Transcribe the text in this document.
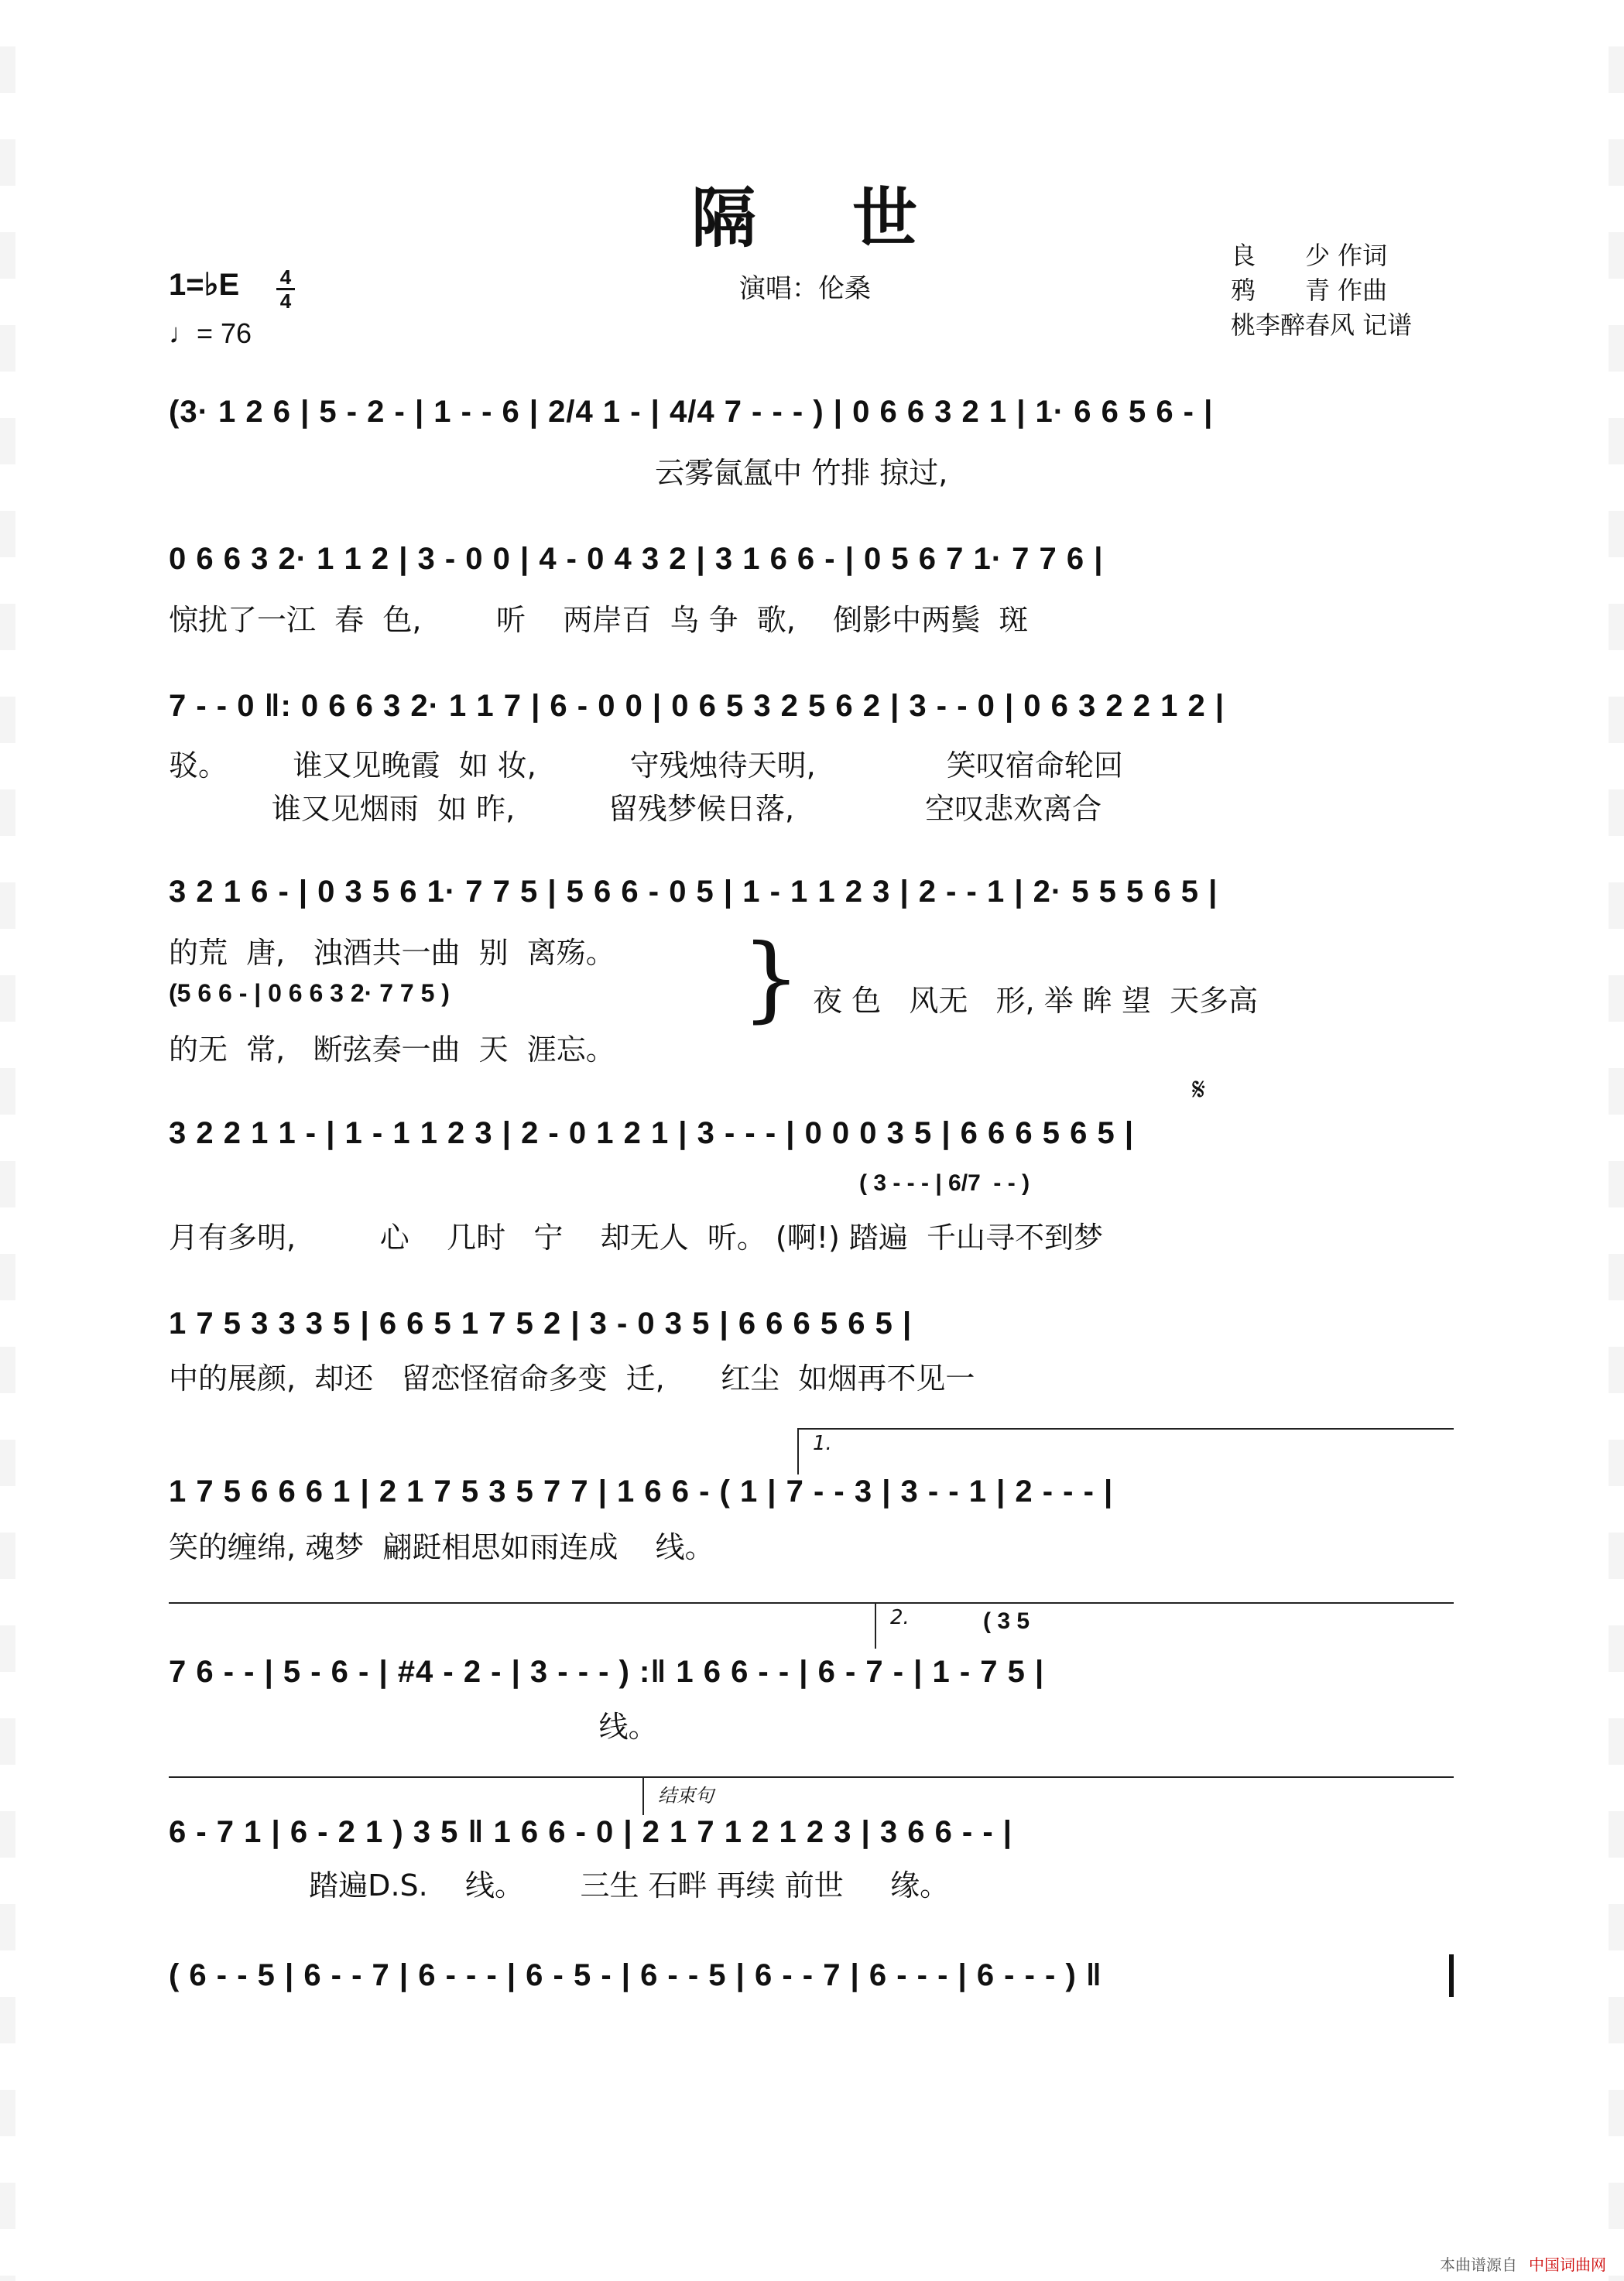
隔　世
演唱：伦桑
良　　少 作词
鸦　　青 作曲
桃李醉春风 记谱
1=♭E 4
4
♩= 76
(3· 1 2 6 | 5 - 2 - | 1 - - 6 | 2/4 1 - | 4/4 7 - - - ) | 0 6 6 3 2 1 | 1· 6 6 5 6 - |
云雾氤氲中 竹排 掠过,
0 6 6 3 2· 1 1 2 | 3 - 0 0 | 4 - 0 4 3 2 | 3 1 6 6 - | 0 5 6 7 1· 7 7 6 |
惊扰了一江  春  色,        听    两岸百  鸟 争  歌,    倒影中两鬓  斑
7 - - 0 ‖: 0 6 6 3 2· 1 1 7 | 6 - 0 0 | 0 6 5 3 2 5 6 2 | 3 - - 0 | 0 6 3 2 2 1 2 |
驳。       谁又见晚霞  如 妆,          守残烛待天明,              笑叹宿命轮回
谁又见烟雨  如 昨,          留残梦候日落,              空叹悲欢离合
3 2 1 6 - | 0 3 5 6 1· 7 7 5 | 5 6 6 - 0 5 | 1 - 1 1 2 3 | 2 - - 1 | 2· 5 5 5 6 5 |
的荒  唐,   浊酒共一曲  别  离殇。
(5 6 6 - | 0 6 6 3 2· 7 7 5 )
的无  常,   断弦奏一曲  天  涯忘。
夜 色   风无   形, 举 眸 望  天多高
}
𝄋
3 2 2 1 1 - | 1 - 1 1 2 3 | 2 - 0 1 2 1 | 3 - - - | 0 0 0 3 5 | 6 6 6 5 6 5 |
( 3 - - - | 6/7  - - )
月有多明,         心    几时   宁    却无人  听。 (啊!) 踏遍  千山寻不到梦
1 7 5 3 3 3 5 | 6 6 5 1 7 5 2 | 3 - 0 3 5 | 6 6 6 5 6 5 |
中的展颜,  却还   留恋怪宿命多变  迁,      红尘  如烟再不见一
1.
1 7 5 6 6 6 1 | 2 1 7 5 3 5 7 7 | 1 6 6 - ( 1 | 7 - - 3 | 3 - - 1 | 2 - - - |
笑的缠绵, 魂梦  翩跹相思如雨连成    线。
2.	( 3 5
7 6 - - | 5 - 6 - | #4 - 2 - | 3 - - - ) :‖ 1 6 6 - - | 6 - 7 - | 1 - 7 5 |
线。
结束句
6 - 7 1 | 6 - 2 1 ) 3 5 ‖ 1 6 6 - 0 | 2 1 7 1 2 1 2 3 | 3 6 6 - - |
踏遍D.S.    线。      三生 石畔 再续 前世     缘。
( 6 - - 5 | 6 - - 7 | 6 - - - | 6 - 5 - | 6 - - 5 | 6 - - 7 | 6 - - - | 6 - - - ) ‖
本曲谱源自 中国词曲网
